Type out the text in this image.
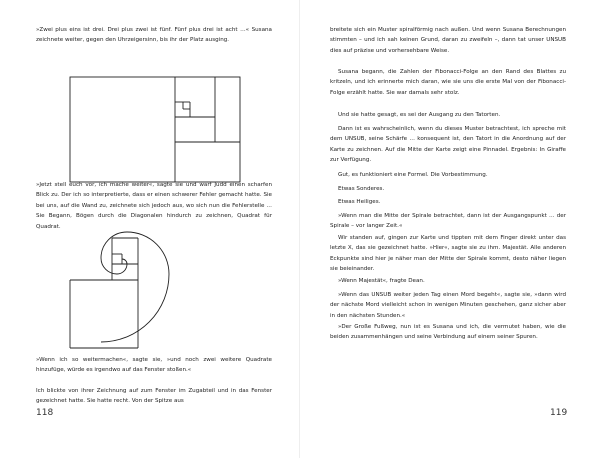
»Zwei plus eins ist drei. Drei plus zwei ist fünf. Fünf plus drei ist acht …« Susana zeichnete weiter, gegen den Uhrzeigersinn, bis ihr der Platz ausging.

»Jetzt stell euch vor, ich mache weiter«, sagte sie und warf Judd einen scharfen Blick zu. Der ich so interpretierte, dass er einen schwerer Fehler gemacht hatte. Sie bei uns, auf die Wand zu, zeichnete sich jedoch aus, wo sich nun die Fehlerstelle … Sie Begann, Bögen durch die Diagonalen hindurch zu zeichnen, Quadrat für Quadrat.

»Wenn ich so weitermachen«, sagte sie, »und noch zwei weitere Quadrate hinzufüge, würde es irgendwo auf das Fenster stoßen.«

Ich blickte von ihrer Zeichnung auf zum Fenster im Zugabteil und in das Fenster gezeichnet hatte. Sie hatte recht. Von der Spitze aus

118

breitete sich ein Muster spiralförmig nach außen. Und wenn Susana Berechnungen stimmten – und ich sah keinen Grund, daran zu zweifeln –, dann tat unser UNSUB dies auf präzise und vorhersehbare Weise.

Susana begann, die Zahlen der Fibonacci-Folge an den Rand des Blattes zu kritzeln, und ich erinnerte mich daran, wie sie uns die erste Mal von der Fibonacci-Folge erzählt hatte. Sie war damals sehr stolz.

Und sie hatte gesagt, es sei der Ausgang zu den Tatorten.

Dann ist es wahrscheinlich, wenn du dieses Muster betrachtest, ich spreche mit dem UNSUB, seine Schärfe … konsequent ist, den Tatort in die Anordnung auf der Karte zu zeichnen. Auf die Mitte der Karte zeigt eine Pinnadel. Ergebnis: In Giraffe zur Verfügung.

Gut, es funktioniert eine Formel. Die Vorbestimmung.

Etwas Sonderes.

Etwas Heiliges.

»Wenn man die Mitte der Spirale betrachtet, dann ist der Ausgangspunkt … der Spirale – vor langer Zeit.«

Wir standen auf, gingen zur Karte und tippten mit dem Finger direkt unter das letzte X, das sie gezeichnet hatte. »Hier«, sagte sie zu ihm. Majestät. Alle anderen Eckpunkte sind hier je näher man der Mitte der Spirale kommt, desto näher liegen sie beieinander.

»Wenn Majestät«, fragte Dean.

»Wenn das UNSUB weiter jeden Tag einen Mord begeht«, sagte sie, »dann wird der nächste Mord vielleicht schon in wenigen Minuten geschehen, ganz sicher aber in den nächsten Stunden.«

»Der Große Fußweg, nun ist es Susana und ich, die vermutet haben, wie die beiden zusammenhängen und seine Verbindung auf einem seiner Spuren.

119
